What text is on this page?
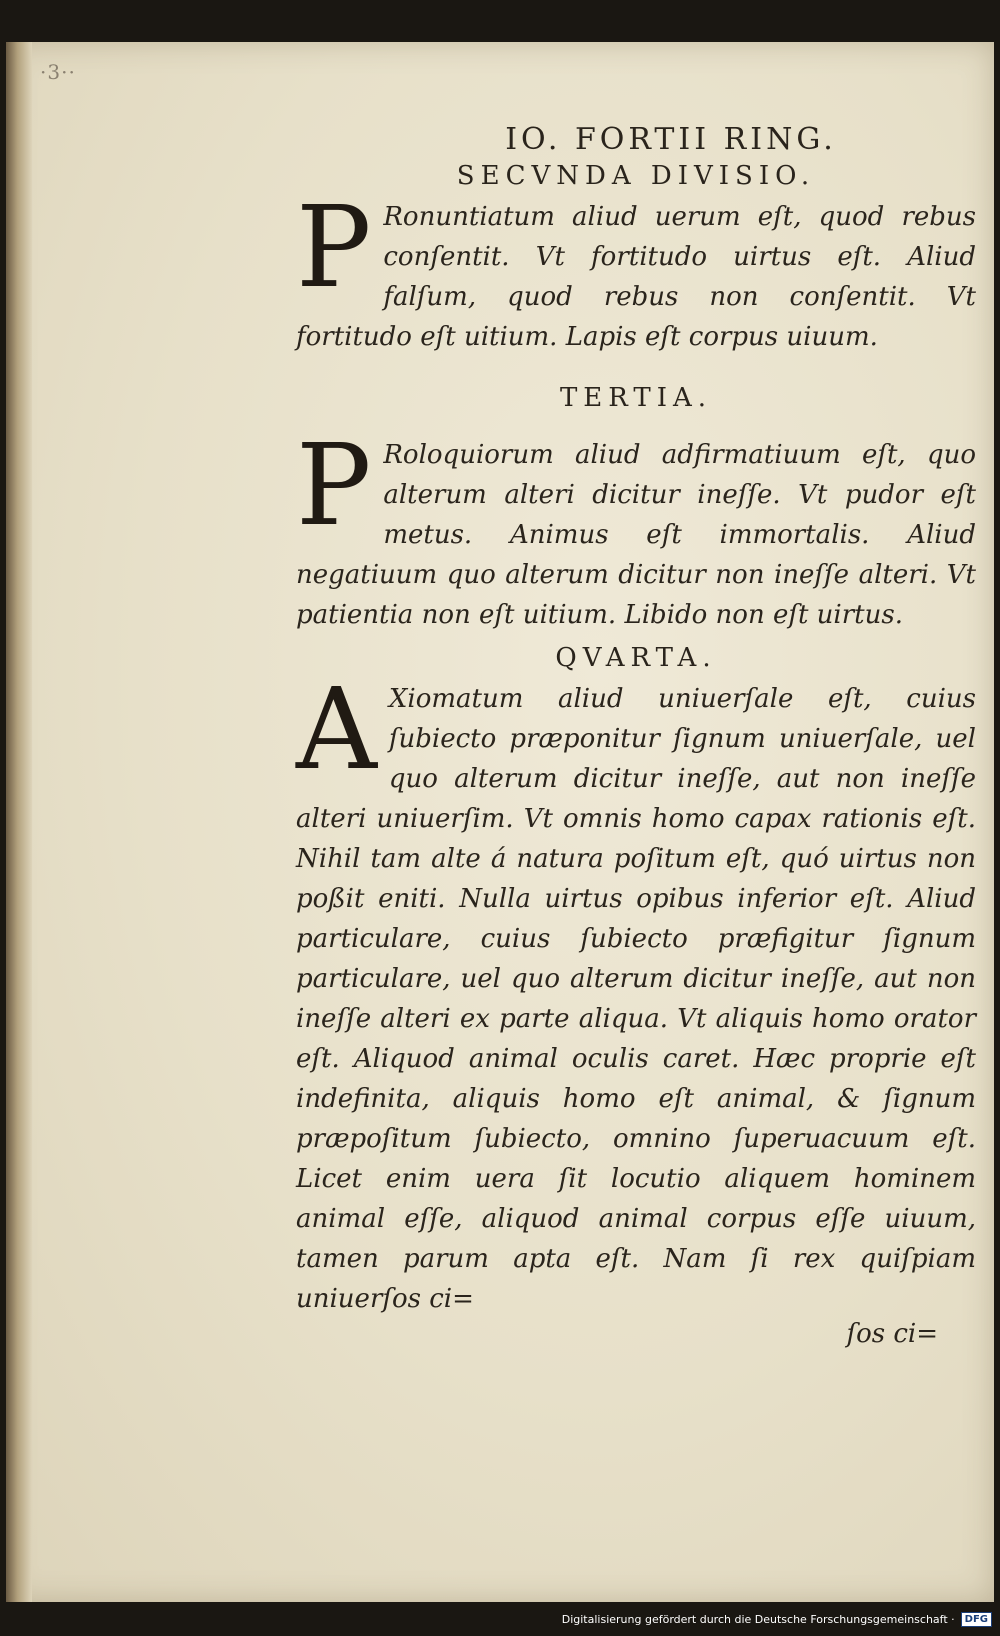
·3··
IO. FORTII RING.
SECVNDA DIVISIO.

P Ronuntiatum aliud uerum eſt, quod rebus conſentit. Vt fortitudo uirtus eſt. Aliud falſum, quod rebus non conſentit. Vt fortitudo eſt uitium. Lapis eſt corpus uiuum.

TERTIA.

P Roloquiorum aliud adfirmatiuum eſt, quo alterum alteri dicitur ineſſe. Vt pudor eſt metus. Animus eſt immortalis. Aliud negatiuum quo alterum dicitur non ineſſe alteri. Vt patientia non eſt uitium. Libido non eſt uirtus.

QVARTA.

A Xiomatum aliud uniuerſale eſt, cuius ſubiecto præponitur ſignum uniuerſale, uel quo alterum dicitur ineſſe, aut non ineſſe alteri uniuerſim. Vt omnis homo capax rationis eſt. Nihil tam alte á natura poſitum eſt, quó uirtus non poßit eniti. Nulla uirtus opibus inferior eſt. Aliud particulare, cuius ſubiecto præfigitur ſignum particulare, uel quo alterum dicitur ineſſe, aut non ineſſe alteri ex parte aliqua. Vt aliquis homo orator eſt. Aliquod animal oculis caret. Hæc proprie eſt indefinita, aliquis homo eſt animal, & ſignum præpoſitum ſubiecto, omnino ſuperuacuum eſt. Licet enim uera ſit locutio aliquem hominem animal eſſe, aliquod animal corpus eſſe uiuum, tamen parum apta eſt. Nam ſi rex quiſpiam uniuerſos ci=

ſos ci=
Digitalisierung gefördert durch die Deutsche Forschungsgemeinschaft ·	DFG
